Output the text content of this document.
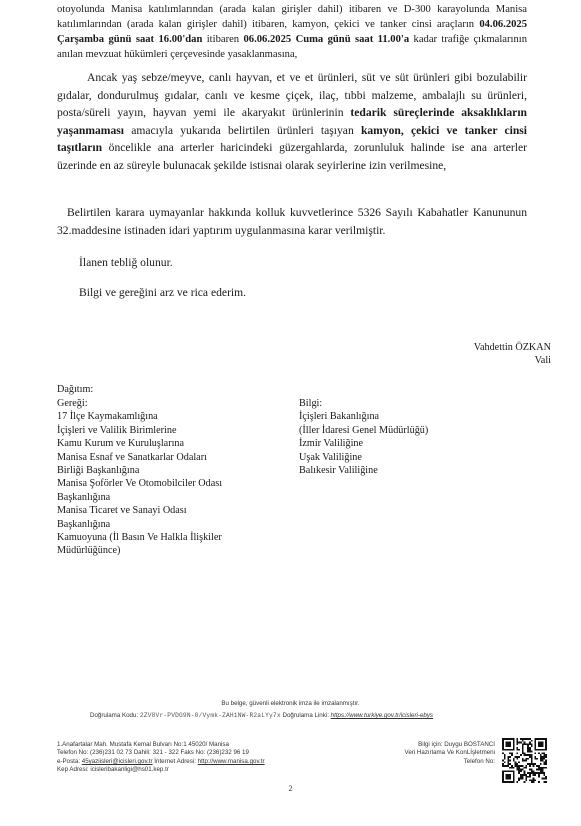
otoyolunda Manisa katılımlarından (arada kalan girişler dahil) itibaren ve D-300 karayolunda Manisa katılımlarından (arada kalan girişler dahil) itibaren, kamyon, çekici ve tanker cinsi araçların 04.06.2025 Çarşamba günü saat 16.00'dan itibaren 06.06.2025 Cuma günü saat 11.00'a kadar trafiğe çıkmalarının anılan mevzuat hükümleri çerçevesinde yasaklanmasına,

Ancak yaş sebze/meyve, canlı hayvan, et ve et ürünleri, süt ve süt ürünleri gibi bozulabilir gıdalar, dondurulmuş gıdalar, canlı ve kesme çiçek, ilaç, tıbbi malzeme, ambalajlı su ürünleri, posta/süreli yayın, hayvan yemi ile akaryakıt ürünlerinin tedarik süreçlerinde aksaklıkların yaşanmaması amacıyla yukarıda belirtilen ürünleri taşıyan kamyon, çekici ve tanker cinsi taşıtların öncelikle ana arterler haricindeki güzergahlarda, zorunluluk halinde ise ana arterler üzerinde en az süreyle bulunacak şekilde istisnai olarak seyirlerine izin verilmesine,

Belirtilen karara uymayanlar hakkında kolluk kuvvetlerince 5326 Sayılı Kabahatler Kanununun 32.maddesine istinaden idari yaptırım uygulanmasına karar verilmiştir.

İlanen tebliğ olunur.
Bilgi ve gereğini arz ve rica ederim.
Vahdettin ÖZKAN
Vali
Dağıtım:
Gereği:
17 İlçe Kaymakamlığına
İçişleri ve Valilik Birimlerine
Kamu Kurum ve Kuruluşlarına
Manisa Esnaf ve Sanatkarlar Odaları
Birliği Başkanlığına
Manisa Şoförler Ve Otomobilciler Odası
Başkanlığına
Manisa Ticaret ve Sanayi Odası
Başkanlığına
Kamuoyuna (İl Basın Ve Halkla İlişkiler
Müdürlüğünce)
Bilgi:
İçişleri Bakanlığına
(İller İdaresi Genel Müdürlüğü)
İzmir Valiliğine
Uşak Valiliğine
Balıkesir Valiliğine
Bu belge, güvenli elektronik imza ile imzalanmıştır.
Doğrulama Kodu: 2ZV8Vr-PVDG9N-0/Vymk-ZAH1NW-R2aLYy7x Doğrulama Linki: https://www.turkiye.gov.tr/icisleri-ebys
1.Anafartalar Mah. Mustafa Kemal Bulvarı No:1 45020/ Manisa
Telefon No: (236)231 02 73 Dahili: 321 - 322 Faks No: (236)232 96 19
e-Posta: 45yaziisleri@icisleri.gov.tr İnternet Adresi: http://www.manisa.gov.tr
Kep Adresi: icisleribakanligi@hs01.kep.tr
Bilgi için: Duygu BOSTANCI
Veri Hazırlama Ve KonLİşletmeni
Telefon No:
2
